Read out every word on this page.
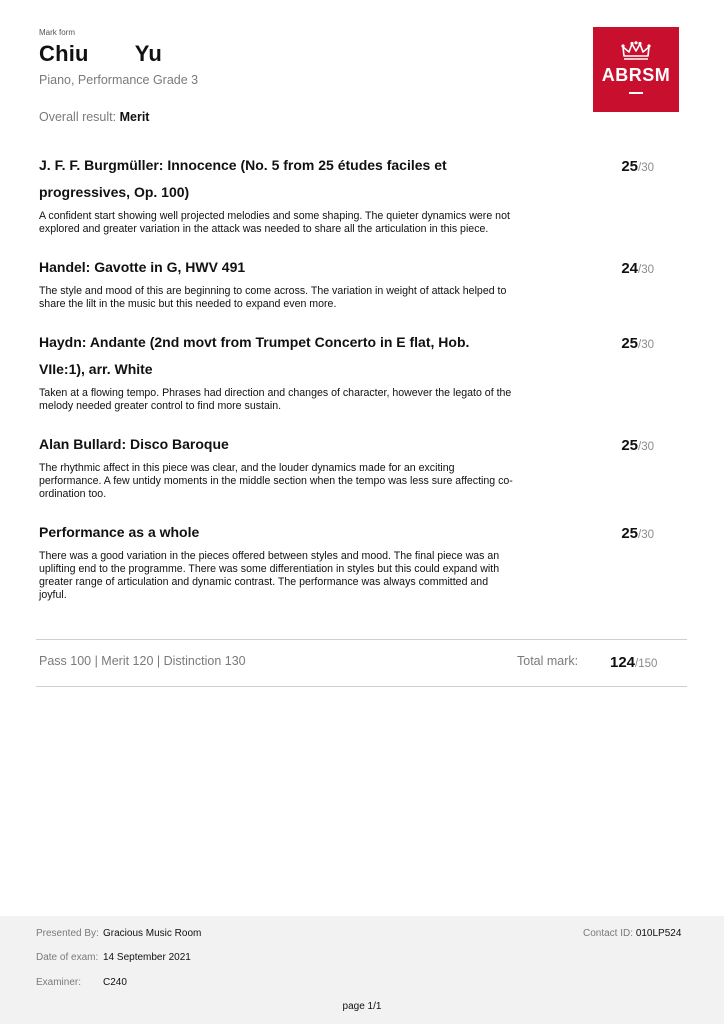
Mark form
Chiu Yu
Piano, Performance Grade 3
Overall result: Merit
ABRSM
J. F. F. Burgmüller: Innocence (No. 5 from 25 études faciles et progressives, Op. 100)
25/30
A confident start showing well projected melodies and some shaping. The quieter dynamics were not explored and greater variation in the attack was needed to share all the articulation in this piece.
Handel: Gavotte in G, HWV 491	24/30
The style and mood of this are beginning to come across. The variation in weight of attack helped to share the lilt in the music but this needed to expand even more.
Haydn: Andante (2nd movt from Trumpet Concerto in E flat, Hob. VIIe:1), arr. White
25/30
Taken at a flowing tempo. Phrases had direction and changes of character, however the legato of the melody needed greater control to find more sustain.
Alan Bullard: Disco Baroque	25/30
The rhythmic affect in this piece was clear, and the louder dynamics made for an exciting performance. A few untidy moments in the middle section when the tempo was less sure affecting co-ordination too.
Performance as a whole	25/30
There was a good variation in the pieces offered between styles and mood. The final piece was an uplifting end to the programme. There was some differentiation in styles but this could expand with greater range of articulation and dynamic contrast. The performance was always committed and joyful.
Pass 100 | Merit 120 | Distinction 130	Total mark: 124/150
Presented By: Gracious Music Room
Date of exam: 14 September 2021
Examiner: C240
Contact ID: 010LP524
page 1/1
